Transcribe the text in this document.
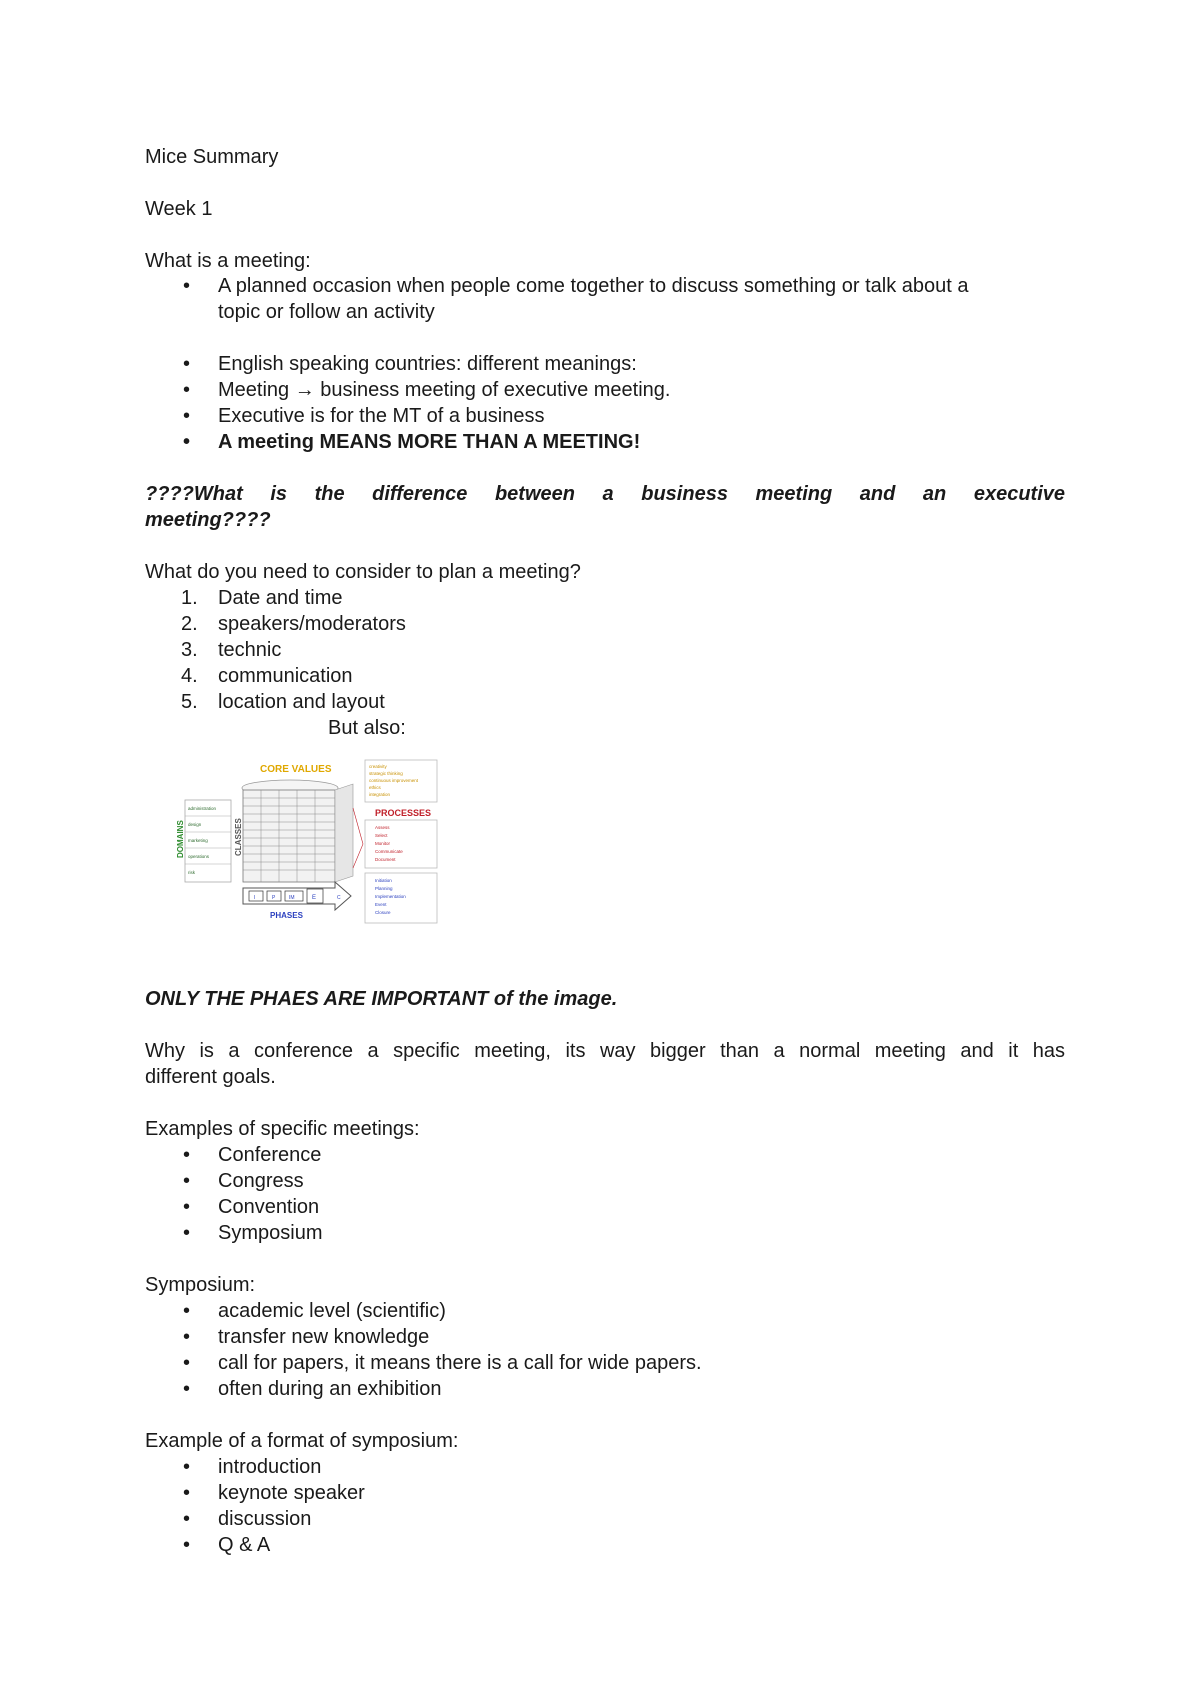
Mice Summary
Week 1
What is a meeting:
• A planned occasion when people come together to discuss something or talk about a
topic or follow an activity
• English speaking countries: different meanings:
• Meeting → business meeting of executive meeting.
• Executive is for the MT of a business
• A meeting MEANS MORE THAN A MEETING!
????What is the difference between a business meeting and an executive
meeting????
What do you need to consider to plan a meeting?
1. Date and time
2. speakers/moderators
3. technic
4. communication
5. location and layout
But also:
CORE VALUES	creativity
strategic thinking
continuous improvement
ethics
integration
CLASSES
administration
design
marketing
operations
risk
DOMAINS
PROCESSES
Assess
Select
Monitor
Communicate
Document
I	P	IM	E	C
PHASES
Initiation
Planning
Implementation
Event
Closure
ONLY THE PHAES ARE IMPORTANT of the image.
Why is a conference a specific meeting, its way bigger than a normal meeting and it has
different goals.
Examples of specific meetings:
• Conference
• Congress
• Convention
• Symposium
Symposium:
• academic level (scientific)
• transfer new knowledge
• call for papers, it means there is a call for wide papers.
• often during an exhibition
Example of a format of symposium:
• introduction
• keynote speaker
• discussion
• Q & A
